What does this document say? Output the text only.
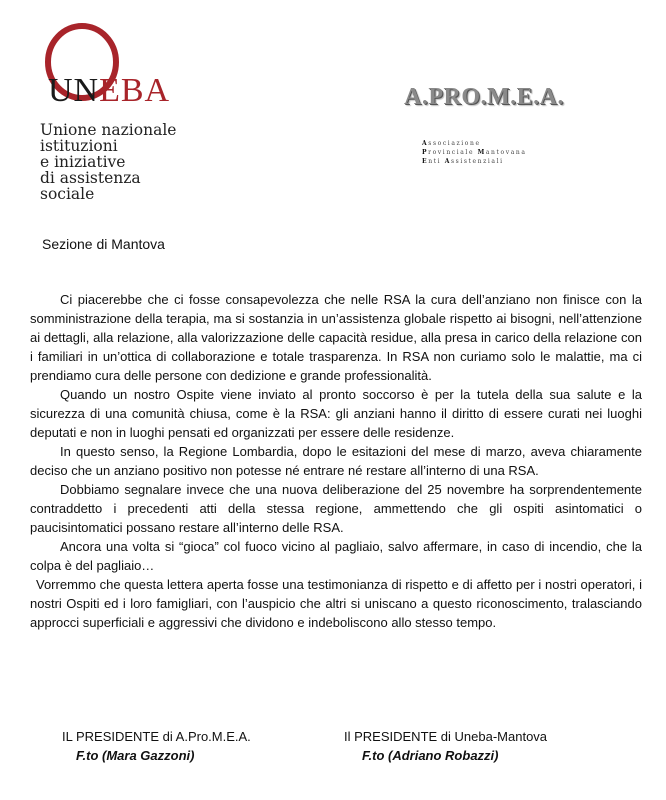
UNEBA
Unione nazionale
istituzioni
e iniziative
di assistenza
sociale
Sezione di Mantova
A.PRO.M.E.A.
Associazione
Provinciale Mantovana
Enti Assistenziali

Ci piacerebbe che ci fosse consapevolezza che nelle RSA la cura dell’anziano non finisce con la somministrazione della terapia, ma si sostanzia in un’assistenza globale rispetto ai bisogni, nell’attenzione ai dettagli, alla relazione, alla valorizzazione delle capacità residue, alla presa in carico della relazione con i familiari in un’ottica di collaborazione e totale trasparenza. In RSA non curiamo solo le malattie, ma ci prendiamo cura delle persone con dedizione e grande professionalità.

Quando un nostro Ospite viene inviato al pronto soccorso è per la tutela della sua salute e la sicurezza di una comunità chiusa, come è la RSA: gli anziani hanno il diritto di essere curati nei luoghi deputati e non in luoghi pensati ed organizzati per essere delle residenze.

In questo senso, la Regione Lombardia, dopo le esitazioni del mese di marzo, aveva chiaramente deciso che un anziano positivo non potesse né entrare né restare all’interno di una RSA.

Dobbiamo segnalare invece che una nuova deliberazione del 25 novembre ha sorprendentemente contraddetto i precedenti atti della stessa regione, ammettendo che gli ospiti asintomatici o paucisintomatici possano restare all’interno delle RSA.

Ancora una volta si “gioca” col fuoco vicino al pagliaio, salvo affermare, in caso di incendio, che la colpa è del pagliaio…

Vorremmo che questa lettera aperta fosse una testimonianza di rispetto e di affetto per i nostri operatori, i nostri Ospiti ed i loro famigliari, con l’auspicio che altri si uniscano a questo riconoscimento, tralasciando approcci superficiali e aggressivi che dividono e indeboliscono allo stesso tempo.

IL PRESIDENTE di A.Pro.M.E.A.
F.to (Mara Gazzoni)
Il PRESIDENTE di Uneba-Mantova
F.to (Adriano Robazzi)
